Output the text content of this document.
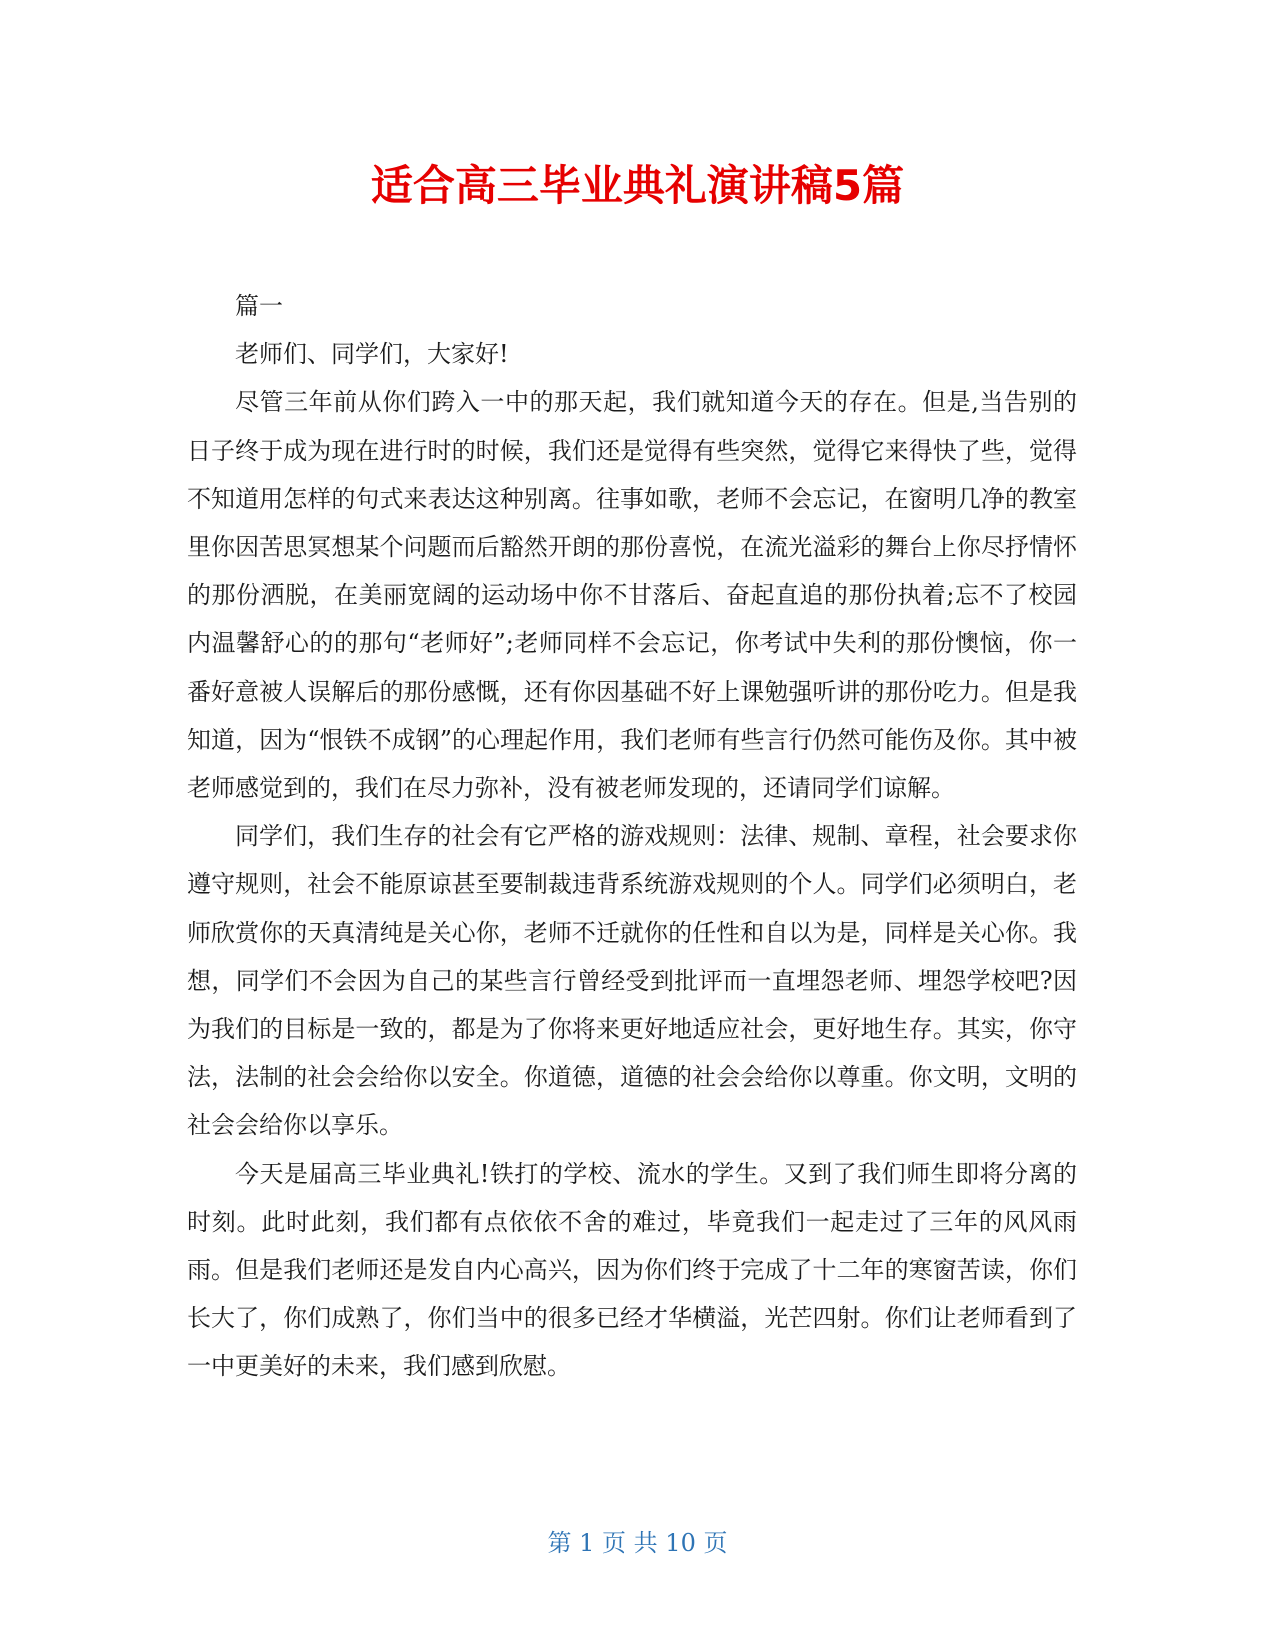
适合高三毕业典礼演讲稿5篇

篇一

老师们、同学们，大家好!

尽管三年前从你们跨入一中的那天起，我们就知道今天的存在。但是,当告别的日子终于成为现在进行时的时候，我们还是觉得有些突然，觉得它来得快了些，觉得不知道用怎样的句式来表达这种别离。往事如歌，老师不会忘记，在窗明几净的教室里你因苦思冥想某个问题而后豁然开朗的那份喜悦，在流光溢彩的舞台上你尽抒情怀的那份洒脱，在美丽宽阔的运动场中你不甘落后、奋起直追的那份执着;忘不了校园内温馨舒心的的那句“老师好”;老师同样不会忘记，你考试中失利的那份懊恼，你一番好意被人误解后的那份感慨，还有你因基础不好上课勉强听讲的那份吃力。但是我知道，因为“恨铁不成钢”的心理起作用，我们老师有些言行仍然可能伤及你。其中被老师感觉到的，我们在尽力弥补，没有被老师发现的，还请同学们谅解。

同学们，我们生存的社会有它严格的游戏规则：法律、规制、章程，社会要求你遵守规则，社会不能原谅甚至要制裁违背系统游戏规则的个人。同学们必须明白，老师欣赏你的天真清纯是关心你，老师不迁就你的任性和自以为是，同样是关心你。我想，同学们不会因为自己的某些言行曾经受到批评而一直埋怨老师、埋怨学校吧?因为我们的目标是一致的，都是为了你将来更好地适应社会，更好地生存。其实，你守法，法制的社会会给你以安全。你道德，道德的社会会给你以尊重。你文明，文明的社会会给你以享乐。

今天是届高三毕业典礼!铁打的学校、流水的学生。又到了我们师生即将分离的时刻。此时此刻，我们都有点依依不舍的难过，毕竟我们一起走过了三年的风风雨雨。但是我们老师还是发自内心高兴，因为你们终于完成了十二年的寒窗苦读，你们长大了，你们成熟了，你们当中的很多已经才华横溢，光芒四射。你们让老师看到了一中更美好的未来，我们感到欣慰。

第 1 页 共 10 页
